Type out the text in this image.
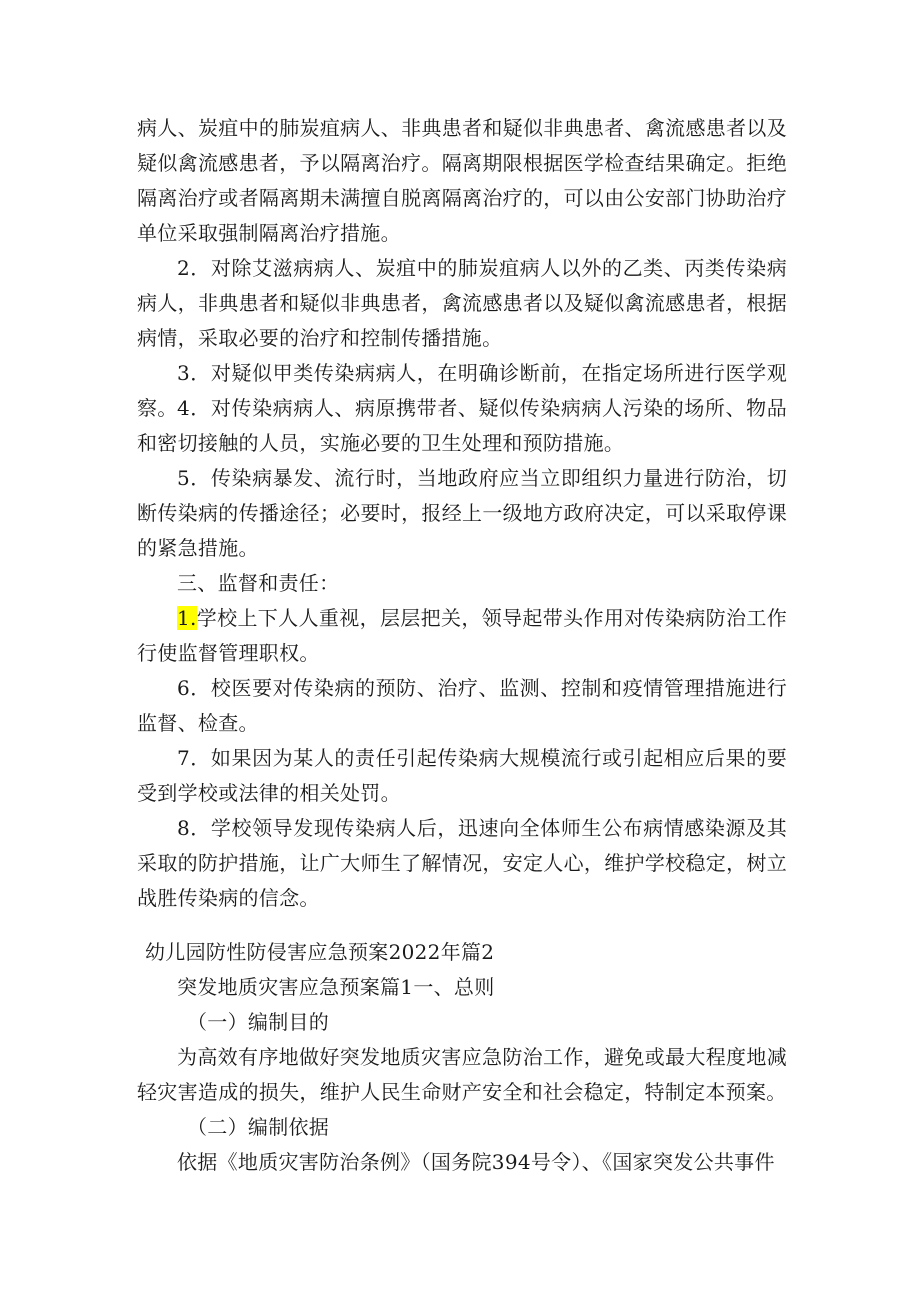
病人、炭疽中的肺炭疽病人、非典患者和疑似非典患者、禽流感患者以及疑似禽流感患者，予以隔离治疗。隔离期限根据医学检查结果确定。拒绝隔离治疗或者隔离期未满擅自脱离隔离治疗的，可以由公安部门协助治疗单位采取强制隔离治疗措施。

2．对除艾滋病病人、炭疽中的肺炭疽病人以外的乙类、丙类传染病病人，非典患者和疑似非典患者，禽流感患者以及疑似禽流感患者，根据病情，采取必要的治疗和控制传播措施。

3．对疑似甲类传染病病人，在明确诊断前，在指定场所进行医学观察。 4．对传染病病人、病原携带者、疑似传染病病人污染的场所、物品和密切接触的人员，实施必要的卫生处理和预防措施。

5．传染病暴发、流行时，当地政府应当立即组织力量进行防治，切断传染病的传播途径；必要时，报经上一级地方政府决定，可以采取停课的紧急措施。

三、监督和责任：

1.学校上下人人重视，层层把关，领导起带头作用对传染病防治工作行使监督管理职权。

6．校医要对传染病的预防、治疗、监测、控制和疫情管理措施进行监督、检查。

7．如果因为某人的责任引起传染病大规模流行或引起相应后果的要受到学校或法律的相关处罚。

8．学校领导发现传染病人后，迅速向全体师生公布病情感染源及其采取的防护措施，让广大师生了解情况，安定人心，维护学校稳定，树立战胜传染病的信念。

幼儿园防性防侵害应急预案2022年篇2

突发地质灾害应急预案篇1一、总则

（一）编制目的

为高效有序地做好突发地质灾害应急防治工作，避免或最大程度地减轻灾害造成的损失，维护人民生命财产安全和社会稳定，特制定本预案。

（二）编制依据

依据《地质灾害防治条例》（国务院394号令）、《国家突发公共事件
